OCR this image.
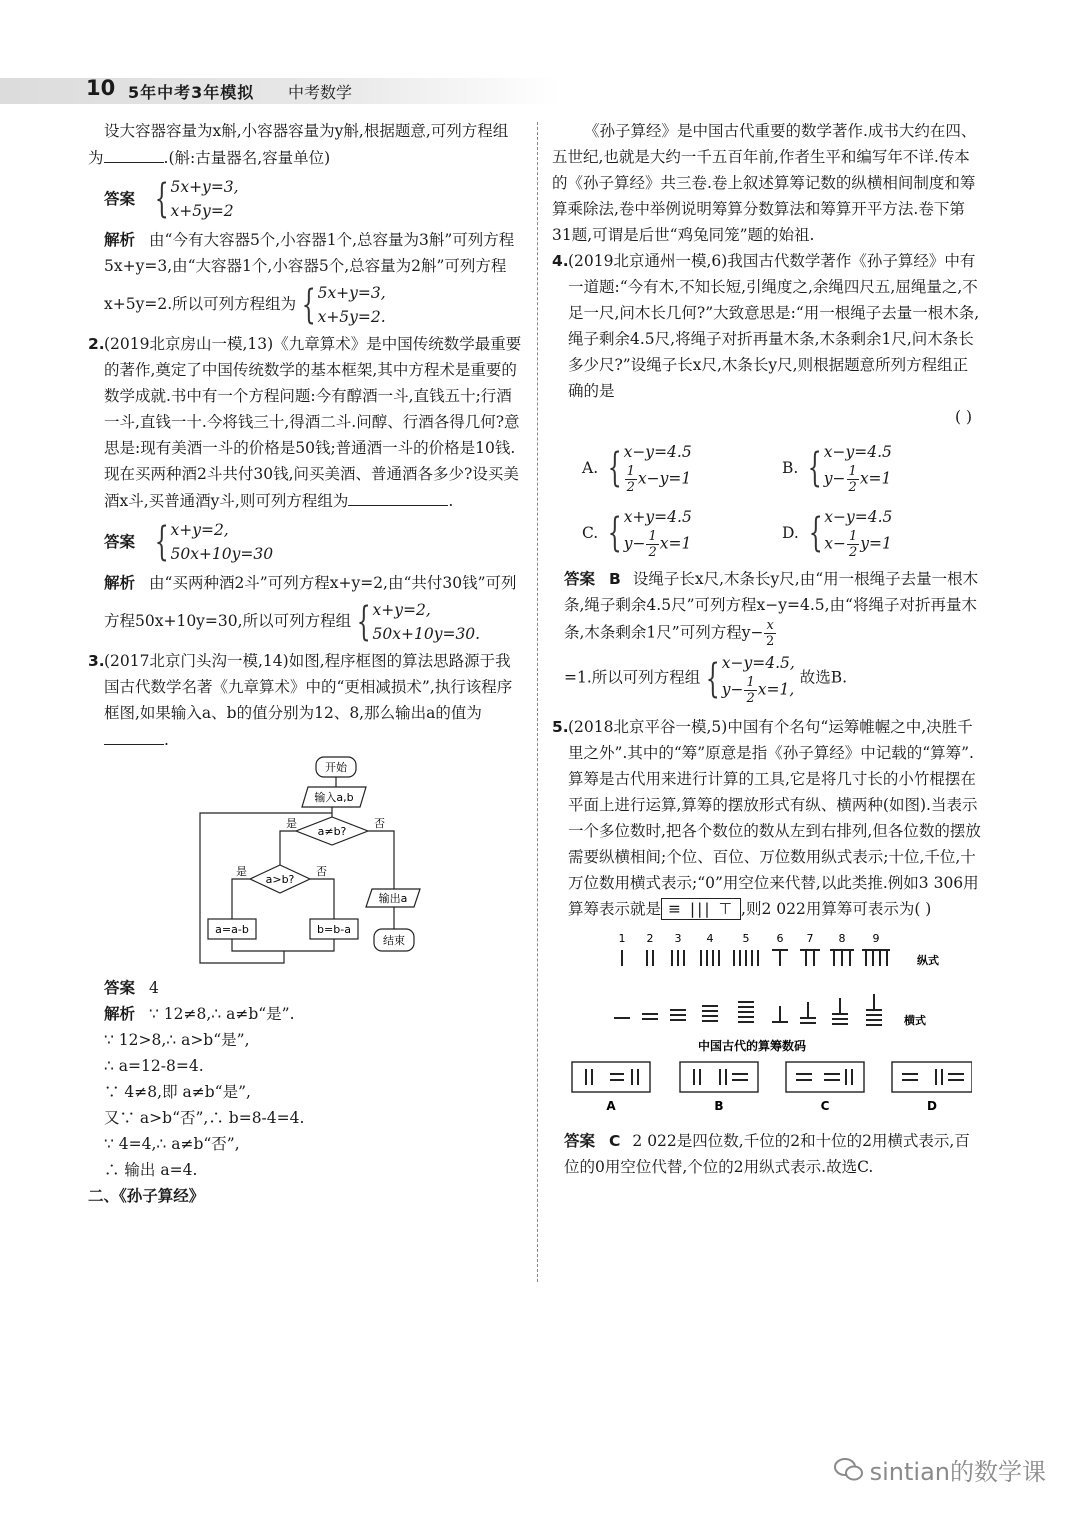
10 5年中考3年模拟 中考数学

设大容器容量为x斛,小容器容量为y斛,根据题意,可列方程组为	.(斛:古量器名,容量单位)

答案 { 5x+y=3,
x+5y=2

解析 由“今有大容器5个,小容器1个,总容量为3斛”可列方程5x+y=3,由“大容器1个,小容器5个,总容量为2斛”可列方程x+5y=2.所以可列方程组为 { 5x+y=3,
x+5y=2.

2.(2019北京房山一模,13)《九章算术》是中国传统数学最重要的著作,奠定了中国传统数学的基本框架,其中方程术是重要的数学成就.书中有一个方程问题:今有醇酒一斗,直钱五十;行酒一斗,直钱一十.今将钱三十,得酒二斗.问醇、行酒各得几何?意思是:现有美酒一斗的价格是50钱;普通酒一斗的价格是10钱.现在买两种酒2斗共付30钱,问买美酒、普通酒各多少?设买美酒x斗,买普通酒y斗,则可列方程组为	.

答案 { x+y=2,
50x+10y=30

解析 由“买两种酒2斗”可列方程x+y=2,由“共付30钱”可列方程50x+10y=30,所以可列方程组 { x+y=2,
50x+10y=30.

3.(2017北京门头沟一模,14)如图,程序框图的算法思路源于我国古代数学名著《九章算术》中的“更相减损术”,执行该程序框图,如果输入a、b的值分别为12、8,那么输出a的值为.

开始
输入a,b
a≠b?
a>b?
a=a-b	b=b-a
输出a
结束
是	否
是	否

答案 4

解析 ∵ 12≠8,∴ a≠b“是”.

∵ 12>8,∴ a>b“是”,

∴ a=12-8=4.

∵ 4≠8,即 a≠b“是”,

又∵ a>b“否”,∴ b=8-4=4.

∵ 4=4,∴ a≠b“否”,

∴ 输出 a=4.

二、《孙子算经》

《孙子算经》是中国古代重要的数学著作.成书大约在四、五世纪,也就是大约一千五百年前,作者生平和编写年不详.传本的《孙子算经》共三卷.卷上叙述算筹记数的纵横相间制度和筹算乘除法,卷中举例说明筹算分数算法和筹算开平方法.卷下第31题,可谓是后世“鸡兔同笼”题的始祖.

4.(2019北京通州一模,6)我国古代数学著作《孙子算经》中有一道题:“今有木,不知长短,引绳度之,余绳四尺五,屈绳量之,不足一尺,问木长几何?”大致意思是:“用一根绳子去量一根木条,绳子剩余4.5尺,将绳子对折再量木条,木条剩余1尺,问木条长多少尺?”设绳子长x尺,木条长y尺,则根据题意所列方程组正确的是

( )

A. { x−y=4.5
$\frac{1}{2} x-y=1$
B. { x−y=4.5
$y- \frac{1}{2} x=1$
C. { x+y=4.5
$y- \frac{1}{2} x=1$
D. { x−y=4.5
$x- \frac{1}{2} y=1$

答案 B 设绳子长x尺,木条长y尺,由“用一根绳子去量一根木条,绳子剩余4.5尺”可列方程x−y=4.5,由“将绳子对折再量木条,木条剩余1尺”可列方程$y- \frac{x}{2}$

=1.所以可列方程组 { x−y=4.5,
$y- \frac{1}{2} x=1$,
故选B.

5.(2018北京平谷一模,5)中国有个名句“运筹帷幄之中,决胜千里之外”.其中的“筹”原意是指《孙子算经》中记载的“算筹”.算筹是古代用来进行计算的工具,它是将几寸长的小竹棍摆在平面上进行运算,算筹的摆放形式有纵、横两种(如图).当表示一个多位数时,把各个数位的数从左到右排列,但各位数的摆放需要纵横相间;个位、百位、万位数用纵式表示;十位,千位,十万位数用横式表示;“0”用空位来代替,以此类推.例如3 306用算筹表示就是 ≡ ||| ⊤ ,则2 022用算筹可表示为( )

1 2 3 4	5 6 7 8 9
纵式
横式
中国古代的算筹数码
A	B	C	D

答案 C 2 022是四位数,千位的2和十位的2用横式表示,百位的0用空位代替,个位的2用纵式表示.故选C.

sintian的数学课
